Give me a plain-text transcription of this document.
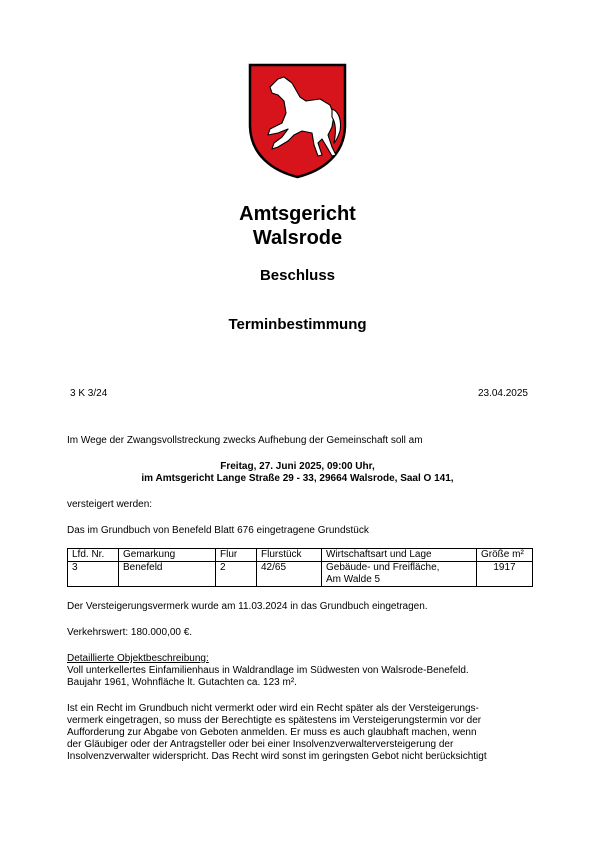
Amtsgericht
Walsrode
Beschluss
Terminbestimmung
3 K 3/24	23.04.2025
Im Wege der Zwangsvollstreckung zwecks Aufhebung der Gemeinschaft soll am
Freitag, 27. Juni 2025, 09:00 Uhr,
im Amtsgericht Lange Straße 29 - 33, 29664 Walsrode, Saal O 141,
versteigert werden:
Das im Grundbuch von Benefeld Blatt 676 eingetragene Grundstück
Lfd. Nr.	Gemarkung	Flur	Flurstück	Wirtschaftsart und Lage	Größe m²
3	Benefeld	2	42/65	Gebäude- und Freifläche,
Am Walde 5	1917
Der Versteigerungsvermerk wurde am 11.03.2024 in das Grundbuch eingetragen.
Verkehrswert: 180.000,00 €.
Detaillierte Objektbeschreibung:
Voll unterkellertes Einfamilienhaus in Waldrandlage im Südwesten von Walsrode-Benefeld.
Baujahr 1961, Wohnfläche lt. Gutachten ca. 123 m².
Ist ein Recht im Grundbuch nicht vermerkt oder wird ein Recht später als der Versteigerungs-
vermerk eingetragen, so muss der Berechtigte es spätestens im Versteigerungstermin vor der
Aufforderung zur Abgabe von Geboten anmelden. Er muss es auch glaubhaft machen, wenn
der Gläubiger oder der Antragsteller oder bei einer Insolvenzverwalterversteigerung der
Insolvenzverwalter widerspricht. Das Recht wird sonst im geringsten Gebot nicht berücksichtigt
